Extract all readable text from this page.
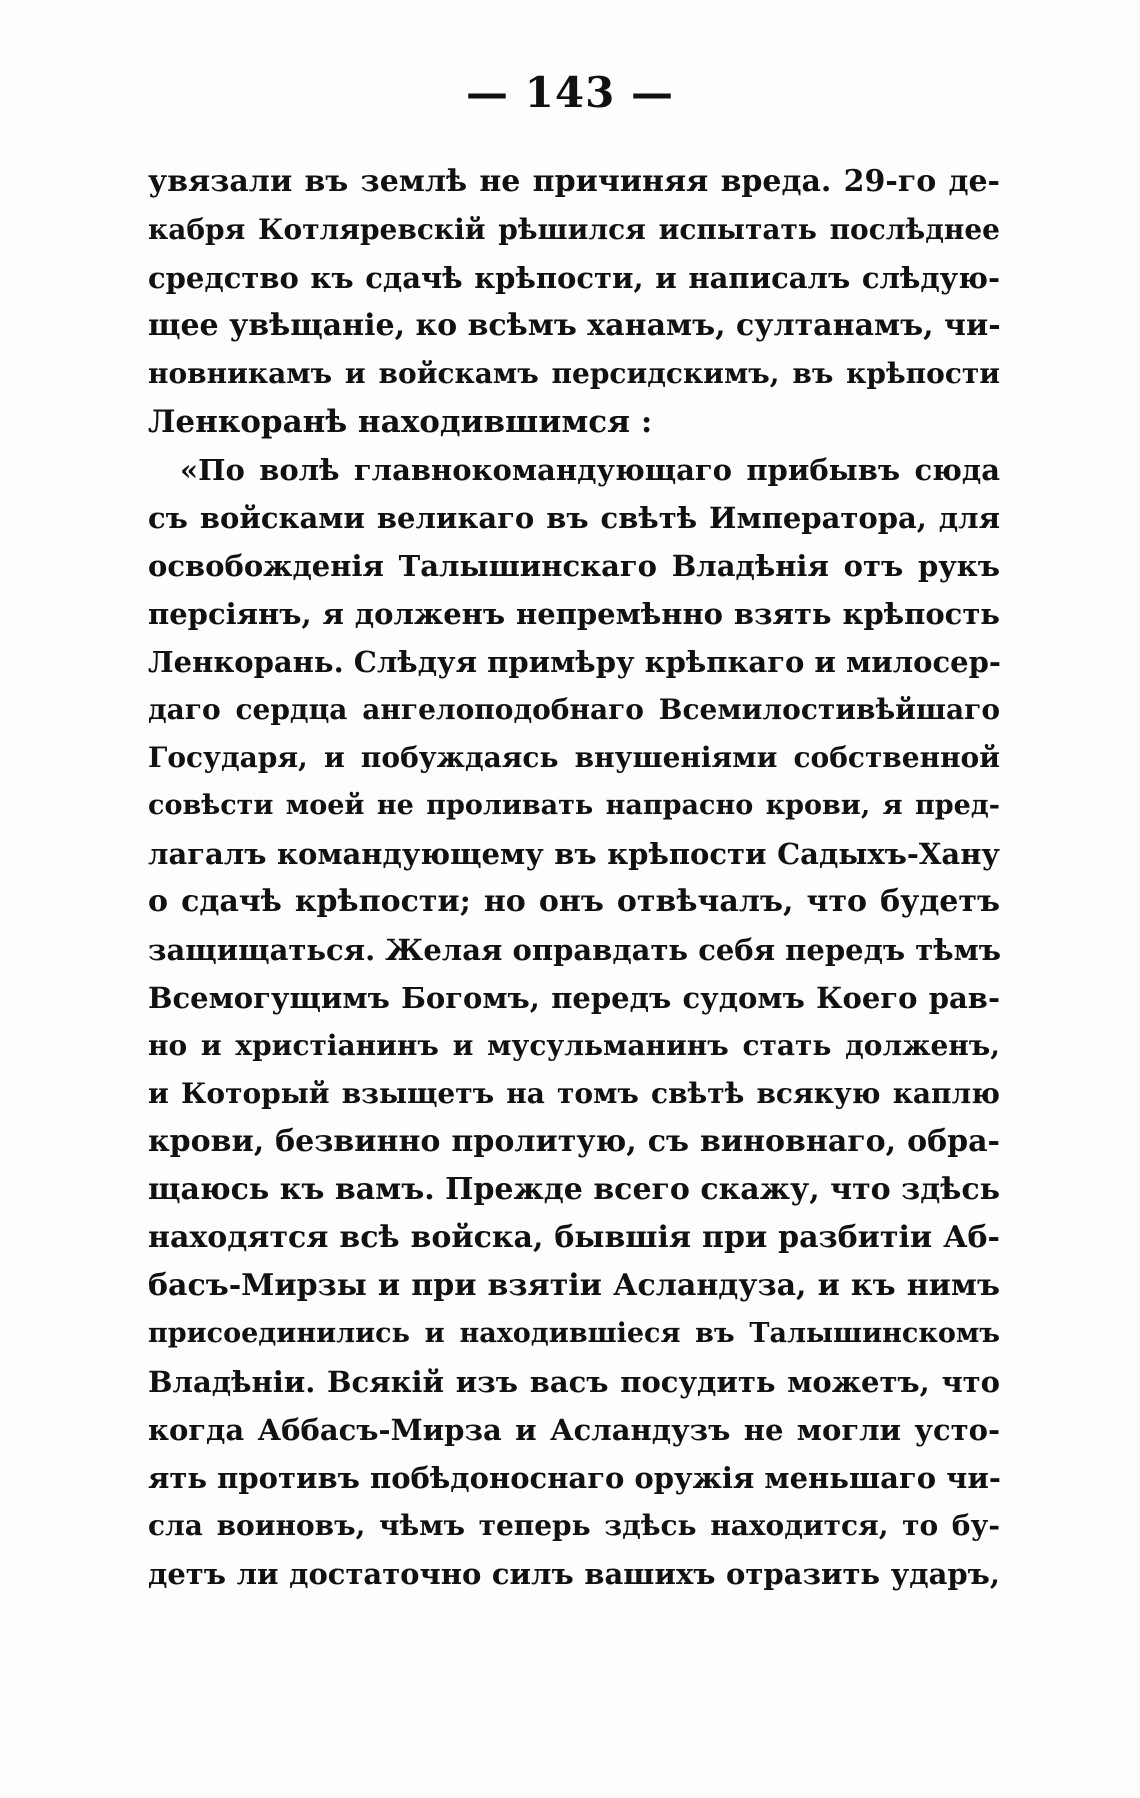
— 143 —
увязали въ землѣ не причиняя вреда. 29-го де-
кабря Котляревскій рѣшился испытать послѣднее
средство къ сдачѣ крѣпости, и написалъ слѣдую-
щее увѣщаніе, ко всѣмъ ханамъ, султанамъ, чи-
новникамъ и войскамъ персидскимъ, въ крѣпости
Ленкоранѣ находившимся :
«По волѣ главнокомандующаго прибывъ сюда
съ войсками великаго въ свѣтѣ Императора, для
освобожденія Талышинскаго Владѣнія отъ рукъ
персіянъ, я долженъ непремѣнно взять крѣпость
Ленкорань. Слѣдуя примѣру крѣпкаго и милосер-
даго сердца ангелоподобнаго Всемилостивѣйшаго
Государя, и побуждаясь внушеніями собственной
совѣсти моей не проливать напрасно крови, я пред-
лагалъ командующему въ крѣпости Садыхъ-Хану
о сдачѣ крѣпости; но онъ отвѣчалъ, что будетъ
защищаться. Желая оправдать себя передъ тѣмъ
Всемогущимъ Богомъ, передъ судомъ Коего рав-
но и христіанинъ и мусульманинъ стать долженъ,
и Который взыщетъ на томъ свѣтѣ всякую каплю
крови, безвинно пролитую, съ виновнаго, обра-
щаюсь къ вамъ. Прежде всего скажу, что здѣсь
находятся всѣ войска, бывшія при разбитіи Аб-
басъ-Мирзы и при взятіи Асландуза, и къ нимъ
присоединились и находившіеся въ Талышинскомъ
Владѣніи. Всякій изъ васъ посудить можетъ, что
когда Аббасъ-Мирза и Асландузъ не могли усто-
ять противъ побѣдоноснаго оружія меньшаго чи-
сла воиновъ, чѣмъ теперь здѣсь находится, то бу-
детъ ли достаточно силъ вашихъ отразить ударъ,
